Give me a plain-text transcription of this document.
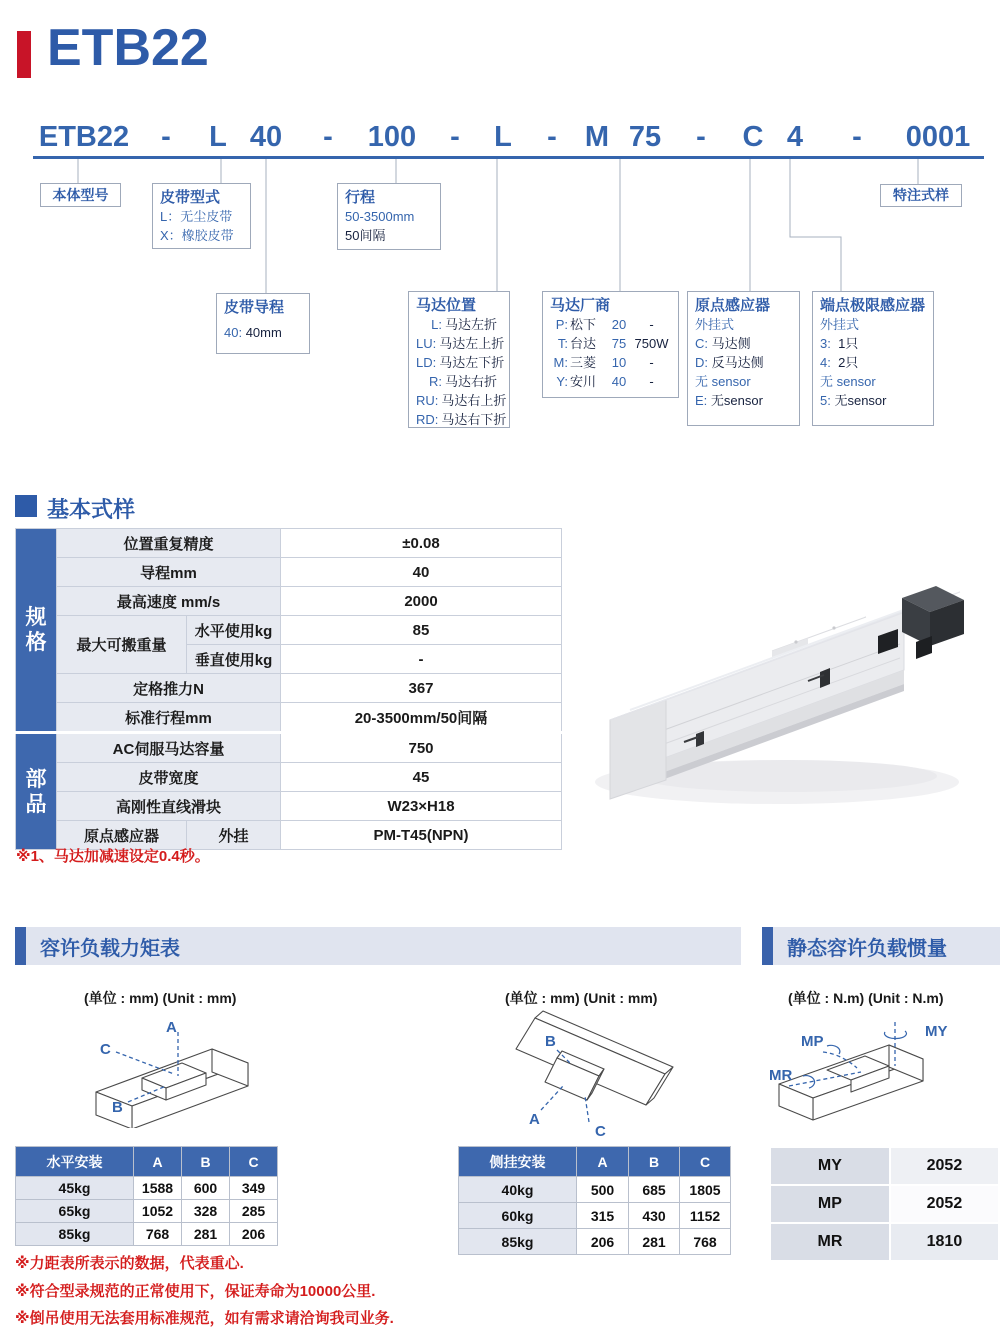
ETB22
ETB22 - L 40 - 100 - L - M 75 - C 4 - 0001
本体型号	皮带型式
L：无尘皮带
X：橡胶皮带
行程
50-3500mm
50间隔
特注式样
皮带导程
40: 40mm
马达位置
L: 马达左折
LU: 马达左上折
LD: 马达左下折
R: 马达右折
RU: 马达右上折
RD: 马达右下折
马达厂商
P: 松下	20	-
T: 台达	75 750W
M: 三菱	10	-
Y: 安川	40	-
原点感应器
外挂式
C: 马达侧
D: 反马达侧
无 sensor
E: 无sensor
端点极限感应器
外挂式
3: 1只
4: 2只
无 sensor
5: 无sensor
基本式样
规格	位置重复精度		±0.08
	导程mm		40
	最高速度 mm/s		2000
	最大可搬重量	水平使用kg	85
		垂直使用kg	-
	定格推力N		367
	标准行程mm		20-3500mm/50间隔

部品	AC伺服马达容量		750
	皮带宽度		45
	高刚性直线滑块		W23×H18
	原点感应器	外挂	PM-T45(NPN)
※1、马达加减速设定0.4秒。
容许负载力矩表	静态容许负载惯量
(单位 : mm) (Unit : mm)	(单位 : mm) (Unit : mm)	(单位 : N.m) (Unit : N.m)
A
C
B
B
A
C
MY
MP
MR
水平安装	A	B	C
45kg	1588	600	349
65kg	1052	328	285
85kg	768	281	206
侧挂安装	A	B	C
40kg	500	685	1805
60kg	315	430	1152
85kg	206	281	768
MY	2052
MP	2052
MR	1810
※力距表所表示的数据，代表重心.
※符合型录规范的正常使用下，保证寿命为10000公里.
※倒吊使用无法套用标准规范，如有需求请洽询我司业务.
